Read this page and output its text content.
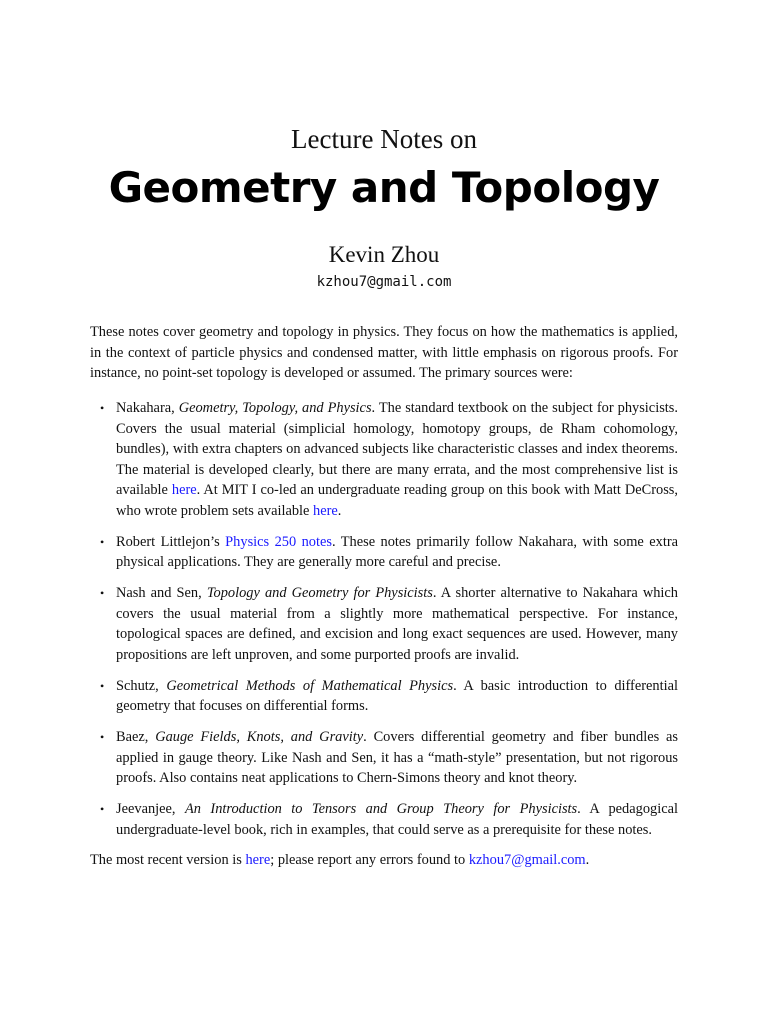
Lecture Notes on
Geometry and Topology
Kevin Zhou
kzhou7@gmail.com
These notes cover geometry and topology in physics. They focus on how the mathematics is applied, in the context of particle physics and condensed matter, with little emphasis on rigorous proofs. For instance, no point-set topology is developed or assumed. The primary sources were:
• Nakahara, Geometry, Topology, and Physics. The standard textbook on the subject for physicists. Covers the usual material (simplicial homology, homotopy groups, de Rham cohomology, bundles), with extra chapters on advanced subjects like characteristic classes and index theorems. The material is developed clearly, but there are many errata, and the most comprehensive list is available here. At MIT I co-led an undergraduate reading group on this book with Matt DeCross, who wrote problem sets available here.
• Robert Littlejon’s Physics 250 notes. These notes primarily follow Nakahara, with some extra physical applications. They are generally more careful and precise.
• Nash and Sen, Topology and Geometry for Physicists. A shorter alternative to Nakahara which covers the usual material from a slightly more mathematical perspective. For instance, topological spaces are defined, and excision and long exact sequences are used. However, many propositions are left unproven, and some purported proofs are invalid.
• Schutz, Geometrical Methods of Mathematical Physics. A basic introduction to differential geometry that focuses on differential forms.
• Baez, Gauge Fields, Knots, and Gravity. Covers differential geometry and fiber bundles as applied in gauge theory. Like Nash and Sen, it has a “math-style” presentation, but not rigorous proofs. Also contains neat applications to Chern-Simons theory and knot theory.
• Jeevanjee, An Introduction to Tensors and Group Theory for Physicists. A pedagogical undergraduate-level book, rich in examples, that could serve as a prerequisite for these notes.
The most recent version is here; please report any errors found to kzhou7@gmail.com.
